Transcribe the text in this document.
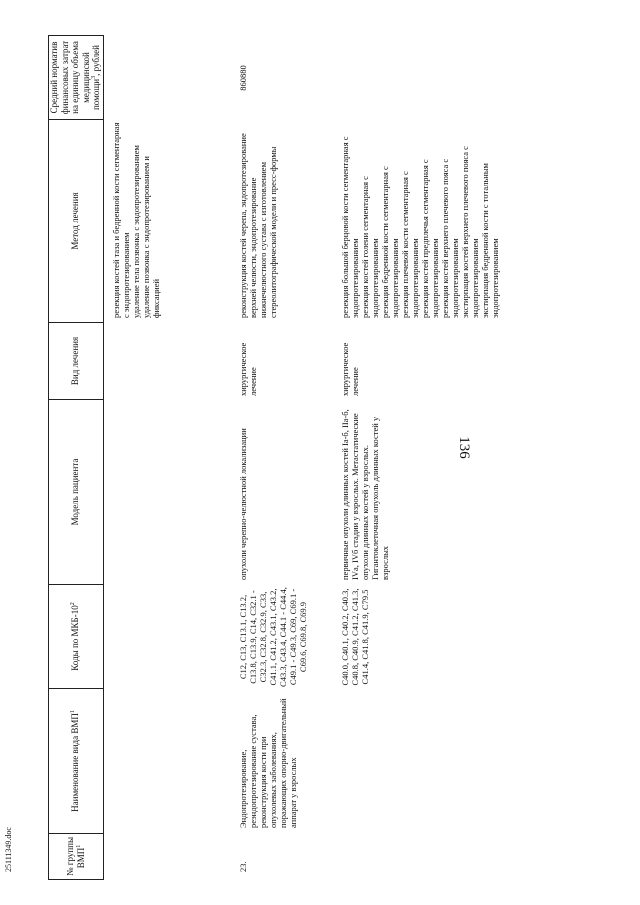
136
25111349.doc	№ группы ВМП$^1$
Наименование вида ВМП$^1$
Коды по МКБ-$10^2$
Модель пациента
Вид лечения
Метод лечения
Средний норматив финансовых затрат на единицу объема медицинской помощи$^3$, рублей

резекция костей таза и бедренной кости сегментарная с эндопротезированием удаление тела позвонка с эндопротезированием удаление позвонка с эндопротезированием и фиксацией

23.
Эндопротезирование, реэндопротезирование сустава, реконструкция кости при опухолевых заболеваниях, поражающих опорно-двигательный аппарат у взрослых
C12, C13, C13.1, C13.2, C13.8, C13.9, C14, C32.1 - C32.3, C32.8, C32.9, C33, C41.1, C41.2, C43.1, C43.2, C43.3, C43.4, C44.1 - C44.4, C49.1 - C49.3, C69, C69.1 - C69.6, C69.8, C69.9
опухоли черепно-челюстной локализации
хирургическое лечение
реконструкция костей черепа, эндопротезирование верхней челюсти, эндопротезирование нижнечелюстного сустава с изготовлением стереолитографической модели и пресс-формы
860880
C40.0, C40.1, C40.2, C40.3, C40.8, C40.9, C41.2, C41.3, C41.4, C41.8, C41.9, C79.5
первичные опухоли длинных костей Iа-б, IIа-б, IVа, IVб стадии у взрослых. Метастатические опухоли длинных костей у взрослых. Гигантоклеточная опухоль длинных костей у взрослых
хирургическое лечение

резекция большой берцовой кости сегментарная с эндопротезированием резекция костей голени сегментарная с эндопротезированием резекция бедренной кости сегментарная с эндопротезированием резекция плечевой кости сегментарная с эндопротезированием резекция костей предплечья сегментарная с эндопротезированием резекция костей верхнего плечевого пояса с эндопротезированием экстирпация костей верхнего плечевого пояса с эндопротезированием экстирпация бедренной кости с тотальным эндопротезированием
